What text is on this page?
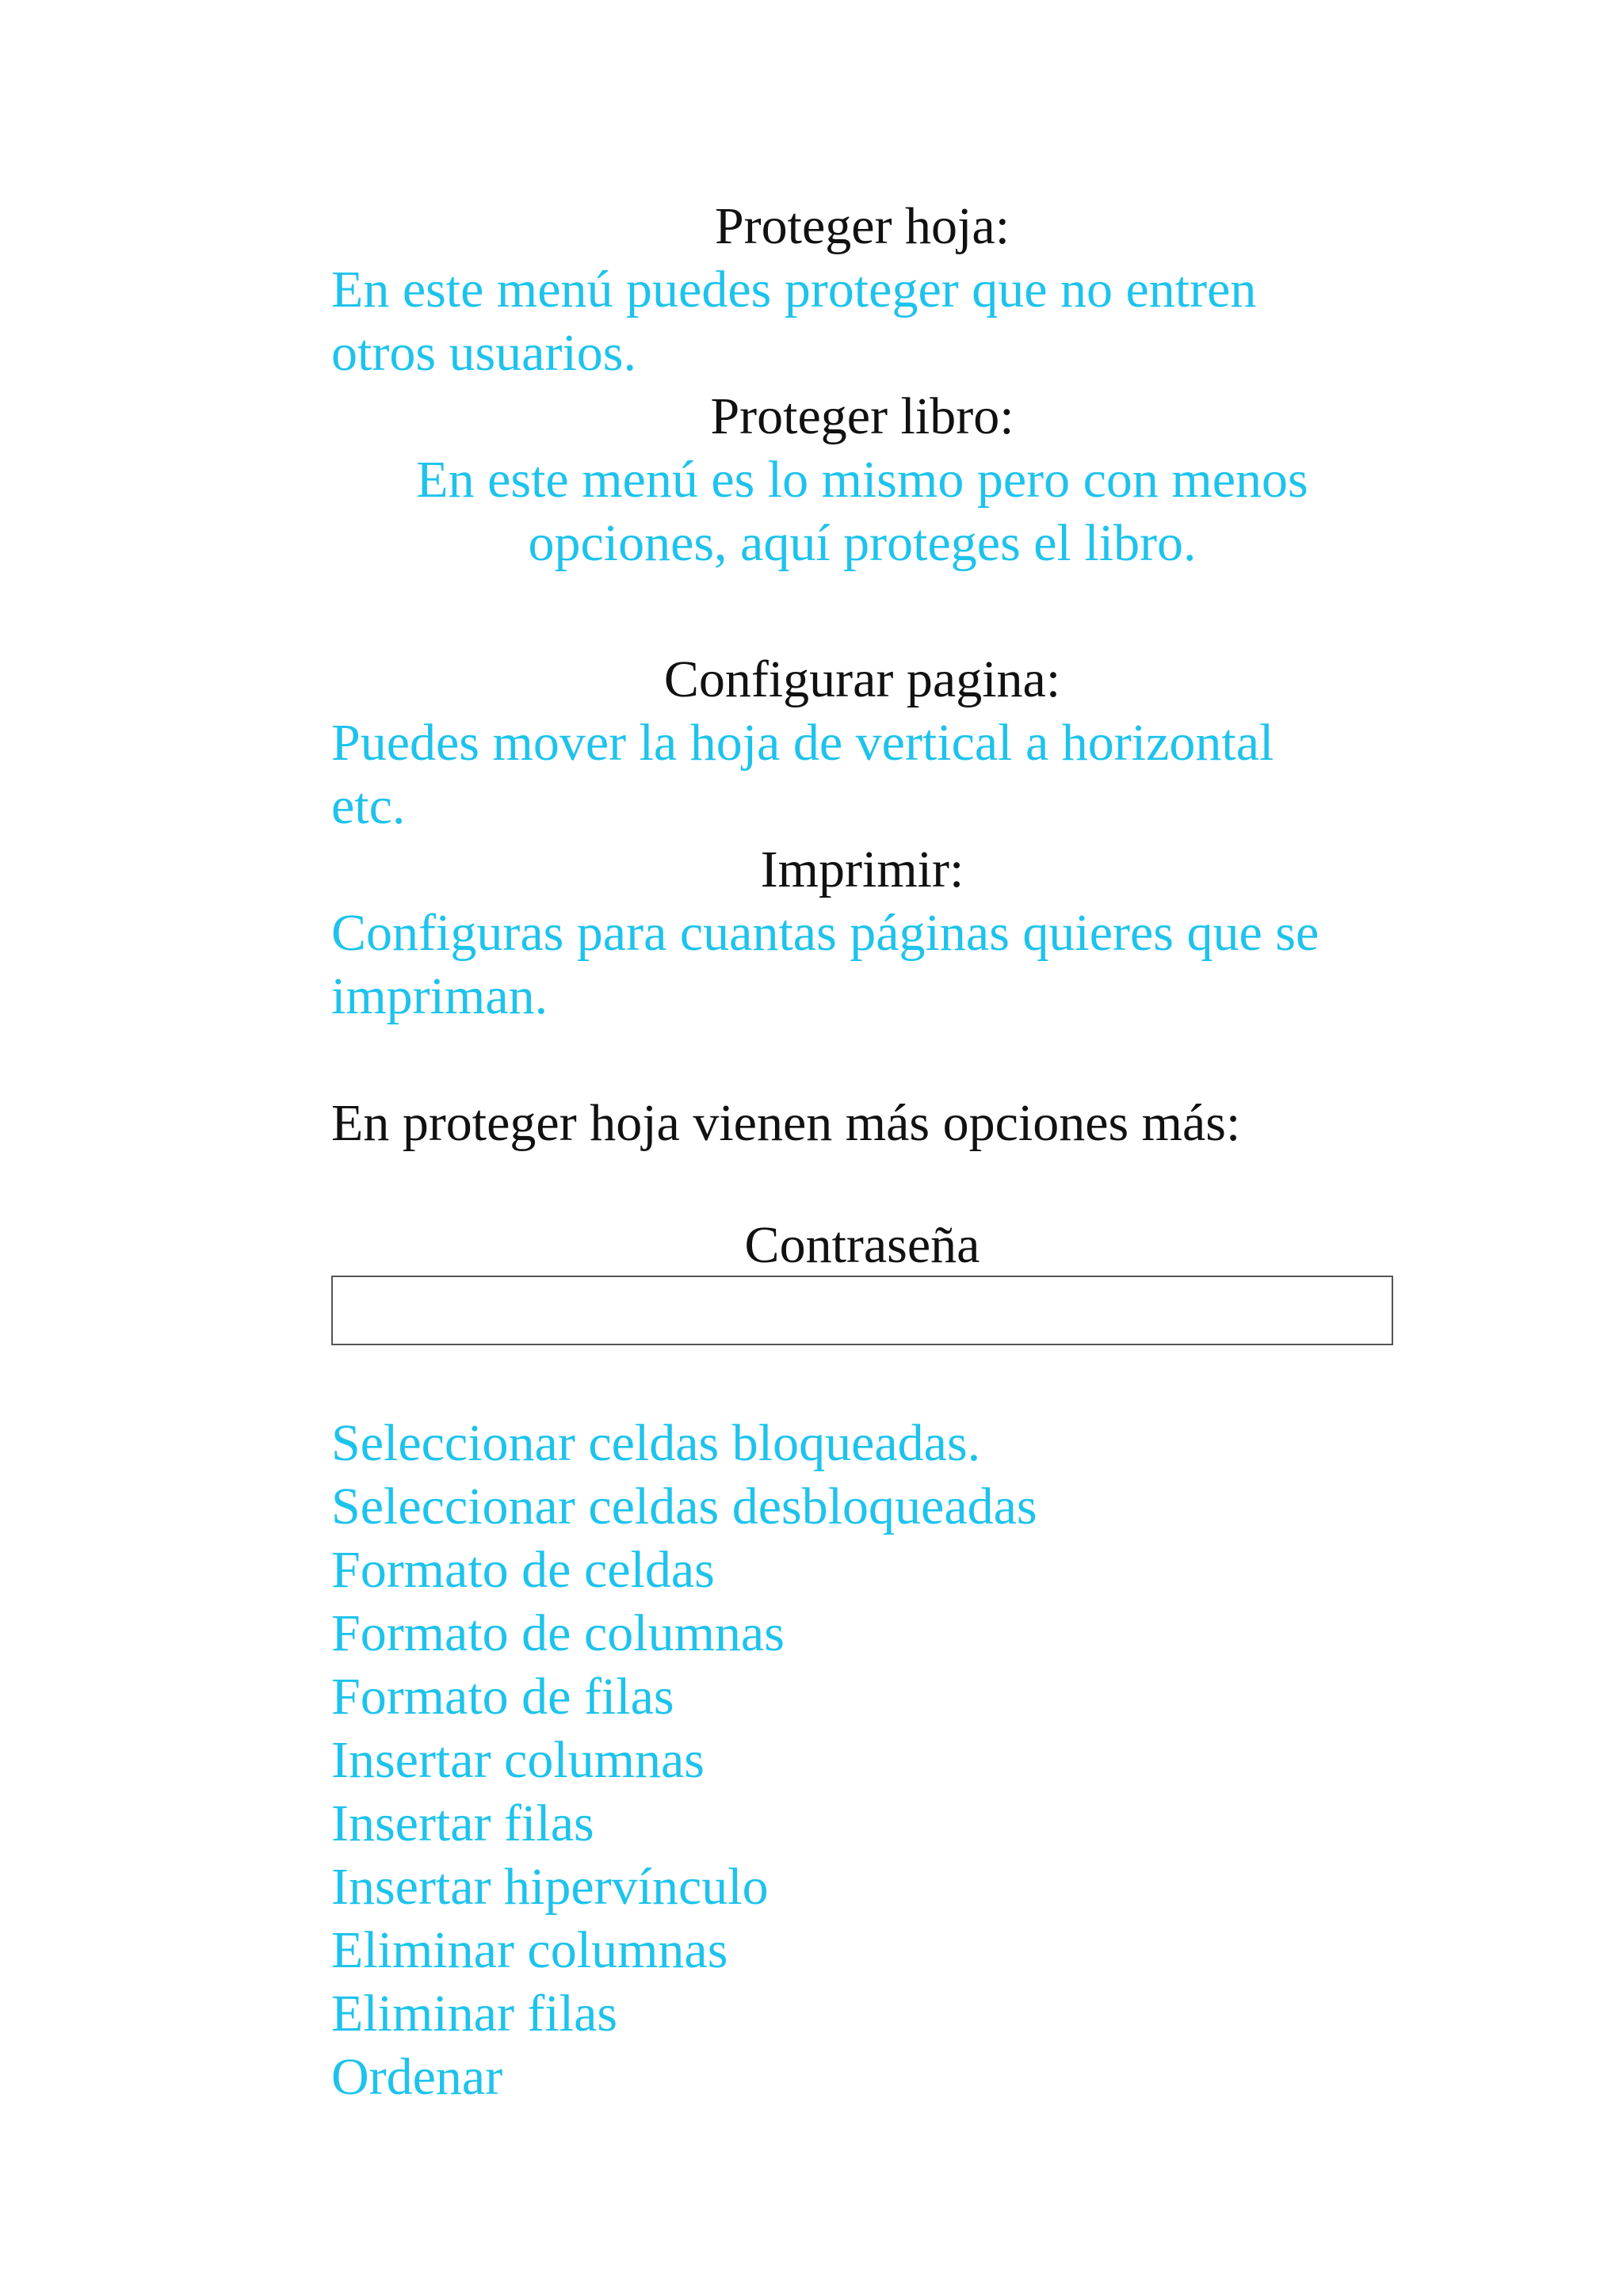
Proteger hoja:
En este menú puedes proteger que no entren
otros usuarios.
Proteger libro:
En este menú es lo mismo pero con menos
opciones, aquí proteges el libro.
Configurar pagina:
Puedes mover la hoja de vertical a horizontal
etc.
Imprimir:
Configuras para cuantas páginas quieres que se
impriman.
En proteger hoja vienen más opciones más:
Contraseña
Seleccionar celdas bloqueadas.
Seleccionar celdas desbloqueadas
Formato de celdas
Formato de columnas
Formato de filas
Insertar columnas
Insertar filas
Insertar hipervínculo
Eliminar columnas
Eliminar filas
Ordenar
